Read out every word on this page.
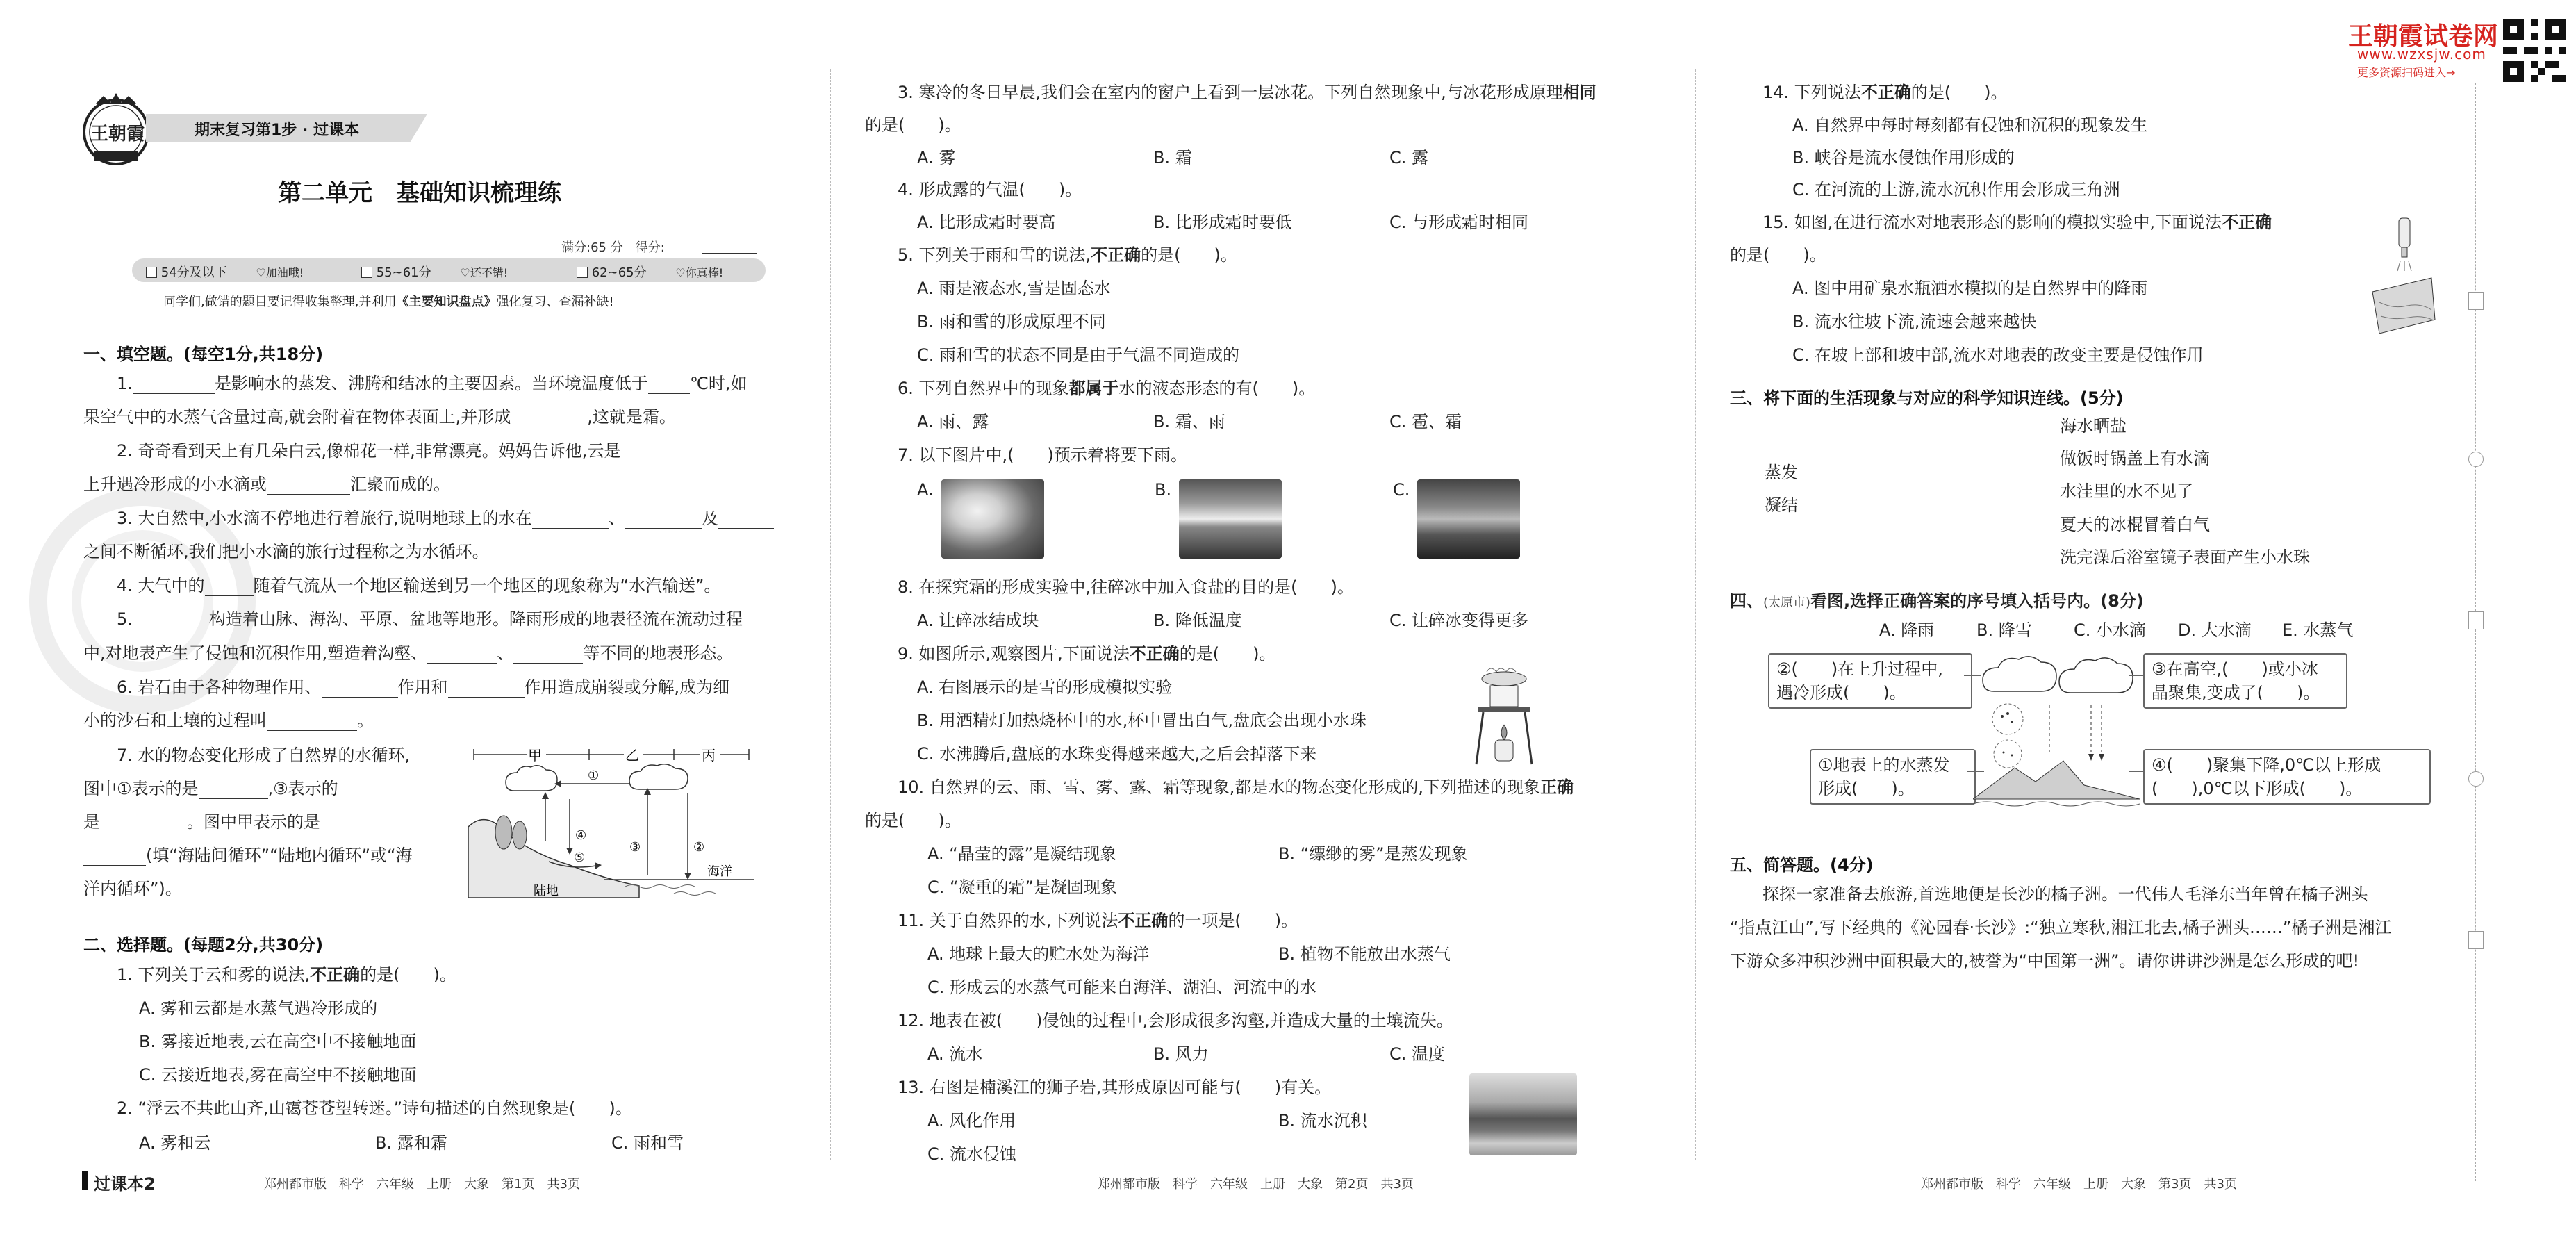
王朝霞	期末复习第1步 · 过课本
第二单元　基础知识梳理练
满分:65 分　得分:
54分及以下	♡加油哦!	55~61分	♡还不错!	62~65分	♡你真棒!
同学们,做错的题目要记得收集整理,并利用《主要知识盘点》强化复习、查漏补缺!
一、填空题。(每空1分,共18分)
1.	是影响水的蒸发、沸腾和结冰的主要因素。当环境温度低于	℃时,如
果空气中的水蒸气含量过高,就会附着在物体表面上,并形成	,这就是霜。
2. 奇奇看到天上有几朵白云,像棉花一样,非常漂亮。妈妈告诉他,云是
上升遇冷形成的小水滴或	汇聚而成的。
3. 大自然中,小水滴不停地进行着旅行,说明地球上的水在	、	及
之间不断循环,我们把小水滴的旅行过程称之为水循环。
4. 大气中的	随着气流从一个地区输送到另一个地区的现象称为“水汽输送”。
5.	构造着山脉、海沟、平原、盆地等地形。降雨形成的地表径流在流动过程
中,对地表产生了侵蚀和沉积作用,塑造着沟壑、	、	等不同的地表形态。
6. 岩石由于各种物理作用、	作用和	作用造成崩裂或分解,成为细
小的沙石和土壤的过程叫	。
7. 水的物态变化形成了自然界的水循环,
图中①表示的是	,③表示的
是	。图中甲表示的是
(填“海陆间循环”“陆地内循环”或“海
洋内循环”)。
甲	乙	丙
①
陆地
海洋
④
⑤
③	②
二、选择题。(每题2分,共30分)
1. 下列关于云和雾的说法,不正确的是(　　)。
A. 雾和云都是水蒸气遇冷形成的
B. 雾接近地表,云在高空中不接触地面
C. 云接近地表,雾在高空中不接触地面
2. “浮云不共此山齐,山霭苍苍望转迷。”诗句描述的自然现象是(　　)。
A. 雾和云	B. 露和霜	C. 雨和雪
过课本2	郑州都市版　科学　六年级　上册　大象　第1页　共3页
3. 寒冷的冬日早晨,我们会在室内的窗户上看到一层冰花。下列自然现象中,与冰花形成原理相同
的是(　　)。
A. 雾	B. 霜	C. 露
4. 形成露的气温(　　)。
A. 比形成霜时要高	B. 比形成霜时要低	C. 与形成霜时相同
5. 下列关于雨和雪的说法,不正确的是(　　)。
A. 雨是液态水,雪是固态水
B. 雨和雪的形成原理不同
C. 雨和雪的状态不同是由于气温不同造成的
6. 下列自然界中的现象都属于水的液态形态的有(　　)。
A. 雨、露	B. 霜、雨	C. 雹、霜
7. 以下图片中,(　　)预示着将要下雨。
A.	B.	C.
8. 在探究霜的形成实验中,往碎冰中加入食盐的目的是(　　)。
A. 让碎冰结成块	B. 降低温度	C. 让碎冰变得更多
9. 如图所示,观察图片,下面说法不正确的是(　　)。
A. 右图展示的是雪的形成模拟实验
B. 用酒精灯加热烧杯中的水,杯中冒出白气,盘底会出现小水珠
C. 水沸腾后,盘底的水珠变得越来越大,之后会掉落下来
10. 自然界的云、雨、雪、雾、露、霜等现象,都是水的物态变化形成的,下列描述的现象正确
的是(　　)。
A. “晶莹的露”是凝结现象	B. “缥缈的雾”是蒸发现象
C. “凝重的霜”是凝固现象
11. 关于自然界的水,下列说法不正确的一项是(　　)。
A. 地球上最大的贮水处为海洋	B. 植物不能放出水蒸气
C. 形成云的水蒸气可能来自海洋、湖泊、河流中的水
12. 地表在被(　　)侵蚀的过程中,会形成很多沟壑,并造成大量的土壤流失。
A. 流水	B. 风力	C. 温度
13. 右图是楠溪江的狮子岩,其形成原因可能与(　　)有关。
A. 风化作用	B. 流水沉积
C. 流水侵蚀
郑州都市版　科学　六年级　上册　大象　第2页　共3页
王朝霞试卷网
www.wzxsjw.com
更多资源扫码进入→
14. 下列说法不正确的是(　　)。
A. 自然界中每时每刻都有侵蚀和沉积的现象发生
B. 峡谷是流水侵蚀作用形成的
C. 在河流的上游,流水沉积作用会形成三角洲
15. 如图,在进行流水对地表形态的影响的模拟实验中,下面说法不正确
的是(　　)。
A. 图中用矿泉水瓶洒水模拟的是自然界中的降雨
B. 流水往坡下流,流速会越来越快
C. 在坡上部和坡中部,流水对地表的改变主要是侵蚀作用
三、将下面的生活现象与对应的科学知识连线。(5分)
蒸发
凝结
海水晒盐
做饭时锅盖上有水滴
水洼里的水不见了
夏天的冰棍冒着白气
洗完澡后浴室镜子表面产生小水珠
四、(太原市)看图,选择正确答案的序号填入括号内。(8分)
A. 降雨	B. 降雪	C. 小水滴 D. 大水滴 E. 水蒸气
②(　　)在上升过程中,
遇冷形成(　　)。
③在高空,(　　)或小冰
晶聚集,变成了(　　)。
①地表上的水蒸发
形成(　　)。
④(　　)聚集下降,0℃以上形成
(　　),0℃以下形成(　　)。
五、简答题。(4分)
探探一家准备去旅游,首选地便是长沙的橘子洲。一代伟人毛泽东当年曾在橘子洲头
“指点江山”,写下经典的《沁园春·长沙》:“独立寒秋,湘江北去,橘子洲头……”橘子洲是湘江
下游众多冲积沙洲中面积最大的,被誉为“中国第一洲”。请你讲讲沙洲是怎么形成的吧!
郑州都市版　科学　六年级　上册　大象　第3页　共3页
